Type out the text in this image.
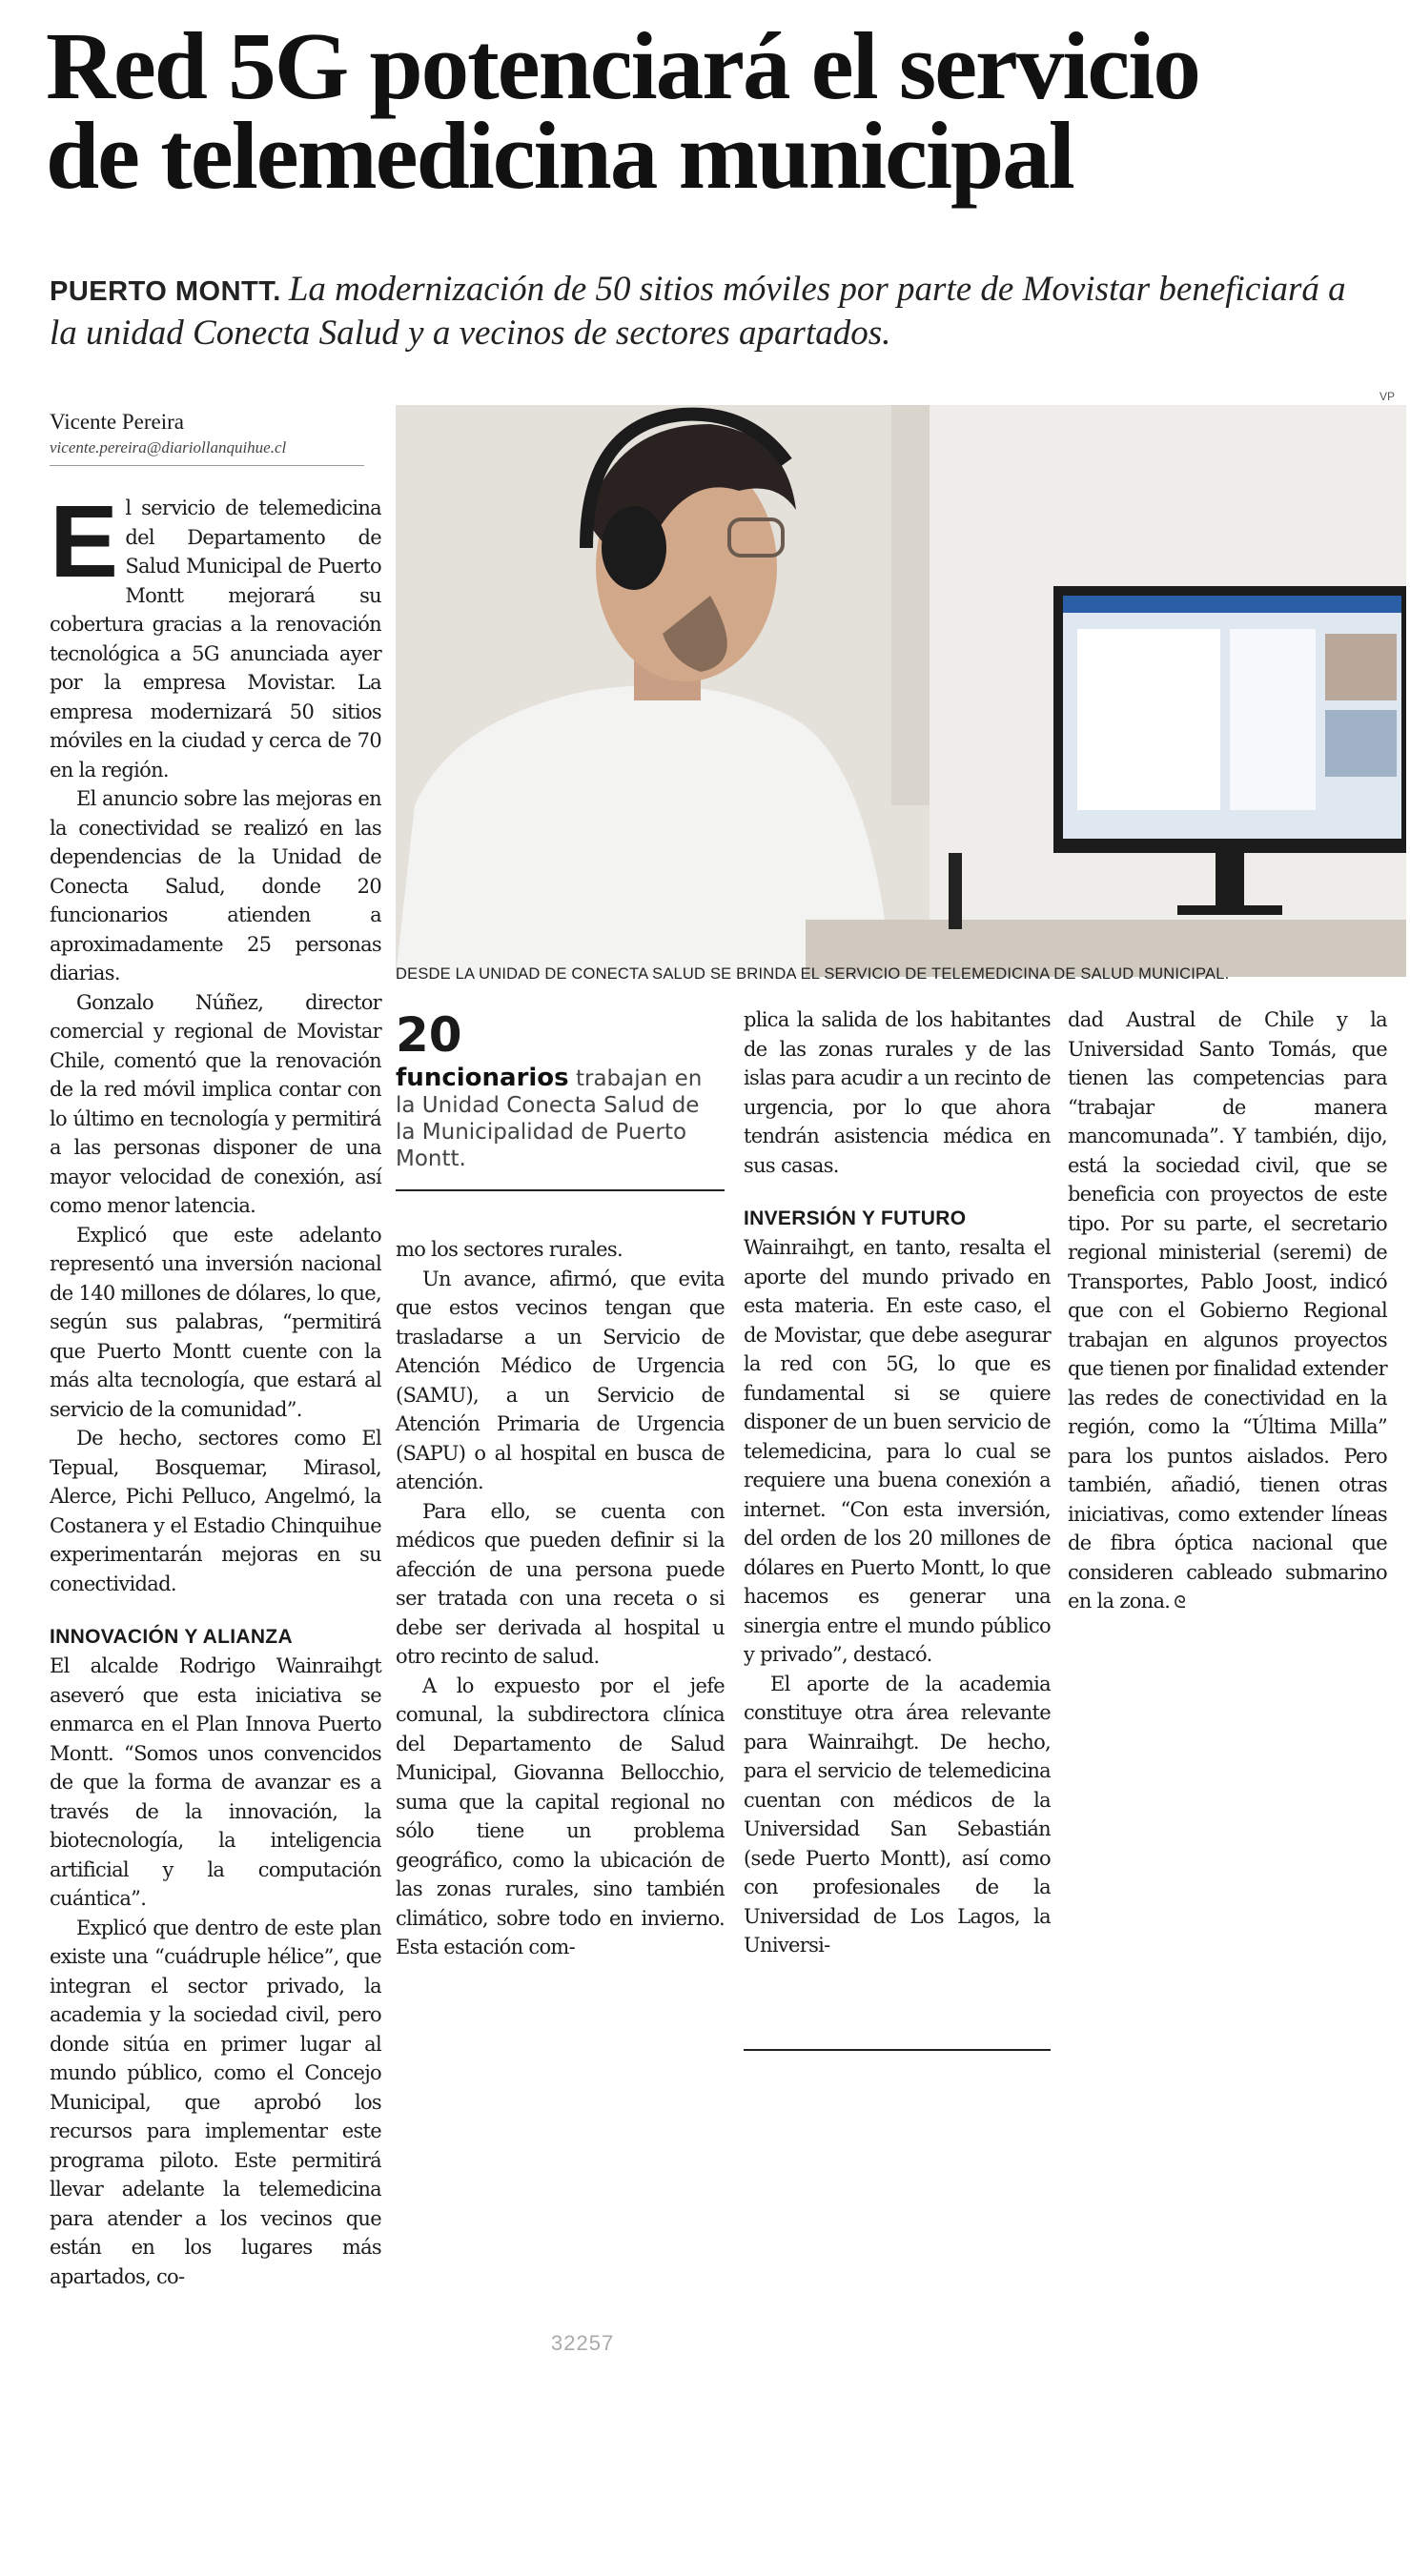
Red 5G potenciará el servicio
de telemedicina municipal
PUERTO MONTT. La modernización de 50 sitios móviles por parte de Movistar beneficiará a la unidad Conecta Salud y a vecinos de sectores apartados.
Vicente Pereira
vicente.pereira@diariollanquihue.cl
VP
DESDE LA UNIDAD DE CONECTA SALUD SE BRINDA EL SERVICIO DE TELEMEDICINA DE SALUD MUNICIPAL.

El servicio de telemedicina del Departamento de Salud Municipal de Puerto Montt mejorará su cobertura gracias a la renovación tecnológica a 5G anunciada ayer por la empresa Movistar. La empresa modernizará 50 sitios móviles en la ciudad y cerca de 70 en la región.

El anuncio sobre las mejoras en la conectividad se realizó en las dependencias de la Unidad de Conecta Salud, donde 20 funcionarios atienden a aproximadamente 25 personas diarias.

Gonzalo Núñez, director comercial y regional de Movistar Chile, comentó que la renovación de la red móvil implica contar con lo último en tecnología y permitirá a las personas disponer de una mayor velocidad de conexión, así como menor latencia.

Explicó que este adelanto representó una inversión nacional de 140 millones de dólares, lo que, según sus palabras, “permitirá que Puerto Montt cuente con la más alta tecnología, que estará al servicio de la comunidad”.

De hecho, sectores como El Tepual, Bosquemar, Mirasol, Alerce, Pichi Pelluco, Angelmó, la Costanera y el Estadio Chinquihue experimentarán mejoras en su conectividad.

INNOVACIÓN Y ALIANZA

El alcalde Rodrigo Wainraihgt aseveró que esta iniciativa se enmarca en el Plan Innova Puerto Montt. “Somos unos convencidos de que la forma de avanzar es a través de la innovación, la biotecnología, la inteligencia artificial y la computación cuántica”.

Explicó que dentro de este plan existe una “cuádruple hélice”, que integran el sector privado, la academia y la sociedad civil, pero donde sitúa en primer lugar al mundo público, como el Concejo Municipal, que aprobó los recursos para implementar este programa piloto. Este permitirá llevar adelante la telemedicina para atender a los vecinos que están en los lugares más apartados, co-

20
funcionarios trabajan en la Unidad Conecta Salud de la Municipalidad de Puerto Montt.

mo los sectores rurales.

Un avance, afirmó, que evita que estos vecinos tengan que trasladarse a un Servicio de Atención Médico de Urgencia (SAMU), a un Servicio de Atención Primaria de Urgencia (SAPU) o al hospital en busca de atención.

Para ello, se cuenta con médicos que pueden definir si la afección de una persona puede ser tratada con una receta o si debe ser derivada al hospital u otro recinto de salud.

A lo expuesto por el jefe comunal, la subdirectora clínica del Departamento de Salud Municipal, Giovanna Bellocchio, suma que la capital regional no sólo tiene un problema geográfico, como la ubicación de las zonas rurales, sino también climático, sobre todo en invierno. Esta estación com-

plica la salida de los habitantes de las zonas rurales y de las islas para acudir a un recinto de urgencia, por lo que ahora tendrán asistencia médica en sus casas.

INVERSIÓN Y FUTURO

Wainraihgt, en tanto, resalta el aporte del mundo privado en esta materia. En este caso, el de Movistar, que debe asegurar la red con 5G, lo que es fundamental si se quiere disponer de un buen servicio de telemedicina, para lo cual se requiere una buena conexión a internet. “Con esta inversión, del orden de los 20 millones de dólares en Puerto Montt, lo que hacemos es generar una sinergia entre el mundo público y privado”, destacó.

El aporte de la academia constituye otra área relevante para Wainraihgt. De hecho, para el servicio de telemedicina cuentan con médicos de la Universidad San Sebastián (sede Puerto Montt), así como con profesionales de la Universidad de Los Lagos, la Universi-

dad Austral de Chile y la Universidad Santo Tomás, que tienen las competencias para “trabajar de manera mancomunada”. Y también, dijo, está la sociedad civil, que se beneficia con proyectos de este tipo. Por su parte, el secretario regional ministerial (seremi) de Transportes, Pablo Joost, indicó que con el Gobierno Regional trabajan en algunos proyectos que tienen por finalidad extender las redes de conectividad en la región, como la “Última Milla” para los puntos aislados. Pero también, añadió, tienen otras iniciativas, como extender líneas de fibra óptica nacional que consideren cableado submarino en la zona. ᘓ

32257
